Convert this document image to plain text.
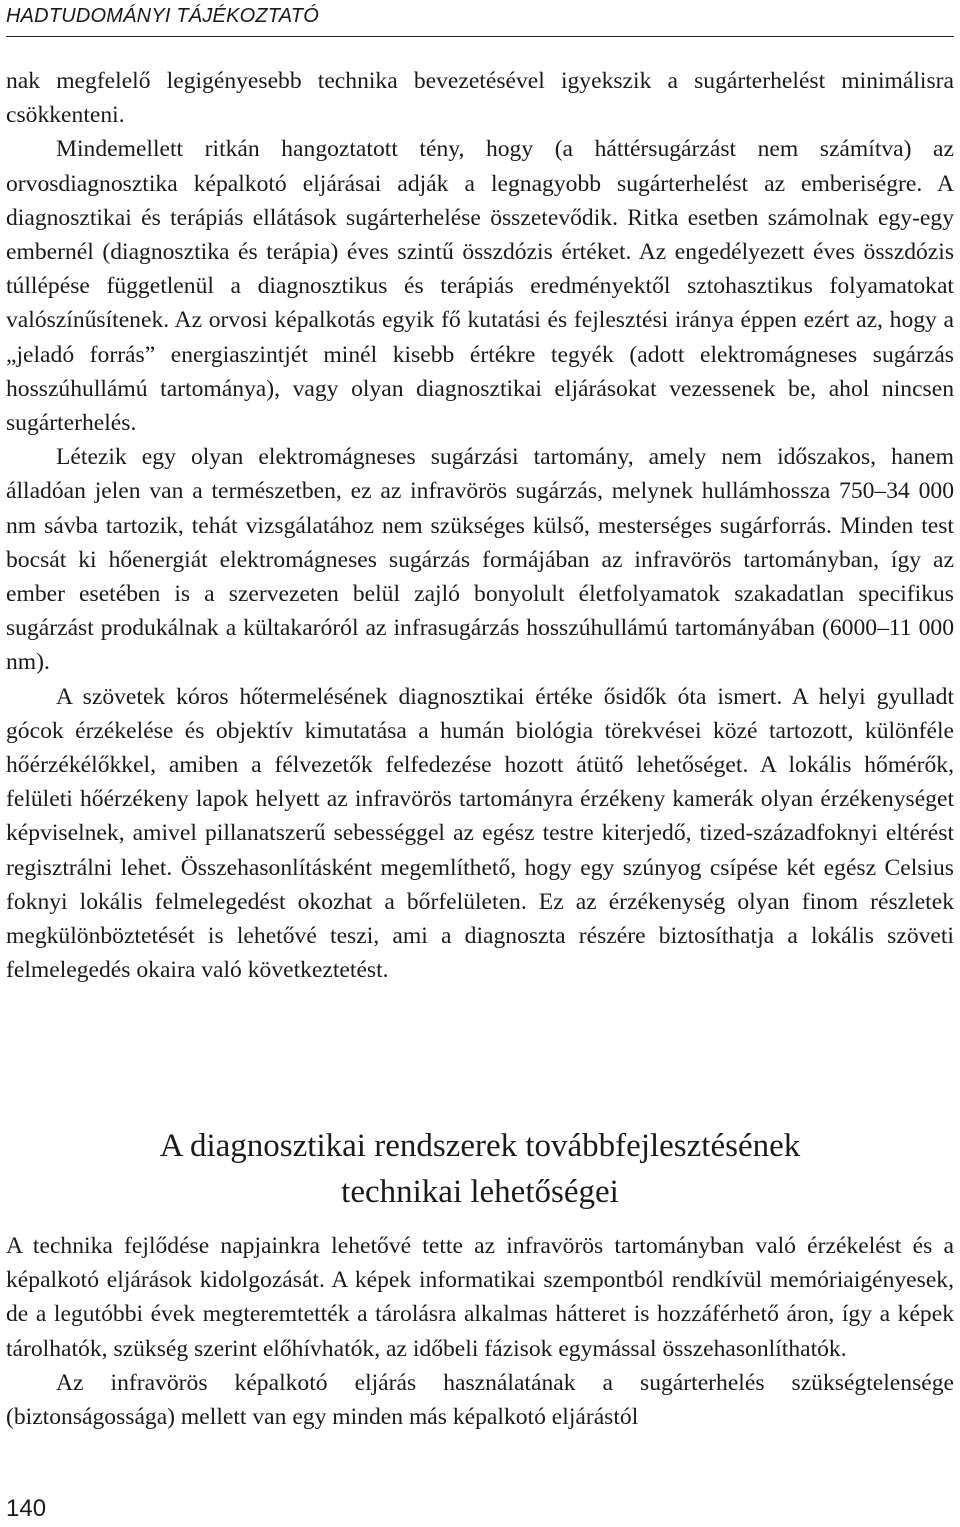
HADTUDOMÁNYI TÁJÉKOZTATÓ

nak megfelelő legigényesebb technika bevezetésével igyekszik a sugárterhelést minimálisra csökkenteni.

Mindemellett ritkán hangoztatott tény, hogy (a háttérsugárzást nem számítva) az orvosdiagnosztika képalkotó eljárásai adják a legnagyobb sugárterhelést az emberiségre. A diagnosztikai és terápiás ellátások sugárterhelése összetevődik. Ritka esetben számolnak egy-egy embernél (diagnosztika és terápia) éves szintű összdózis értéket. Az engedélyezett éves összdózis túllépése függetlenül a diagnosztikus és terápiás eredményektől sztohasztikus folyamatokat valószínűsítenek. Az orvosi képalkotás egyik fő kutatási és fejlesztési iránya éppen ezért az, hogy a „jeladó forrás” energiaszintjét minél kisebb értékre tegyék (adott elektromágneses sugárzás hosszúhullámú tartománya), vagy olyan diagnosztikai eljárásokat vezessenek be, ahol nincsen sugárterhelés.

Létezik egy olyan elektromágneses sugárzási tartomány, amely nem időszakos, hanem álladóan jelen van a természetben, ez az infravörös sugárzás, melynek hullámhossza 750–34 000 nm sávba tartozik, tehát vizsgálatához nem szükséges külső, mesterséges sugárforrás. Minden test bocsát ki hőenergiát elektromágneses sugárzás formájában az infravörös tartományban, így az ember esetében is a szervezeten belül zajló bonyolult életfolyamatok szakadatlan specifikus sugárzást produkálnak a kültakaróról az infrasugárzás hosszúhullámú tartományában (6000–11 000 nm).

A szövetek kóros hőtermelésének diagnosztikai értéke ősidők óta ismert. A helyi gyulladt gócok érzékelése és objektív kimutatása a humán biológia törekvései közé tartozott, különféle hőérzékélőkkel, amiben a félvezetők felfedezése hozott átütő lehetőséget. A lokális hőmérők, felületi hőérzékeny lapok helyett az infravörös tartományra érzékeny kamerák olyan érzékenységet képviselnek, amivel pillanatszerű sebességgel az egész testre kiterjedő, tized-századfoknyi eltérést regisztrálni lehet. Összehasonlításként megemlíthető, hogy egy szúnyog csípése két egész Celsius foknyi lokális felmelegedést okozhat a bőrfelületen. Ez az érzékenység olyan finom részletek megkülönböztetését is lehetővé teszi, ami a diagnoszta részére biztosíthatja a lokális szöveti felmelegedés okaira való következtetést.

A diagnosztikai rendszerek továbbfejlesztésének
technikai lehetőségei

A technika fejlődése napjainkra lehetővé tette az infravörös tartományban való érzékelést és a képalkotó eljárások kidolgozását. A képek informatikai szempontból rendkívül memóriaigényesek, de a legutóbbi évek megteremtették a tárolásra alkalmas hátteret is hozzáférhető áron, így a képek tárolhatók, szükség szerint előhívhatók, az időbeli fázisok egymással összehasonlíthatók.

Az infravörös képalkotó eljárás használatának a sugárterhelés szükségtelensége (biztonságossága) mellett van egy minden más képalkotó eljárástól

140
